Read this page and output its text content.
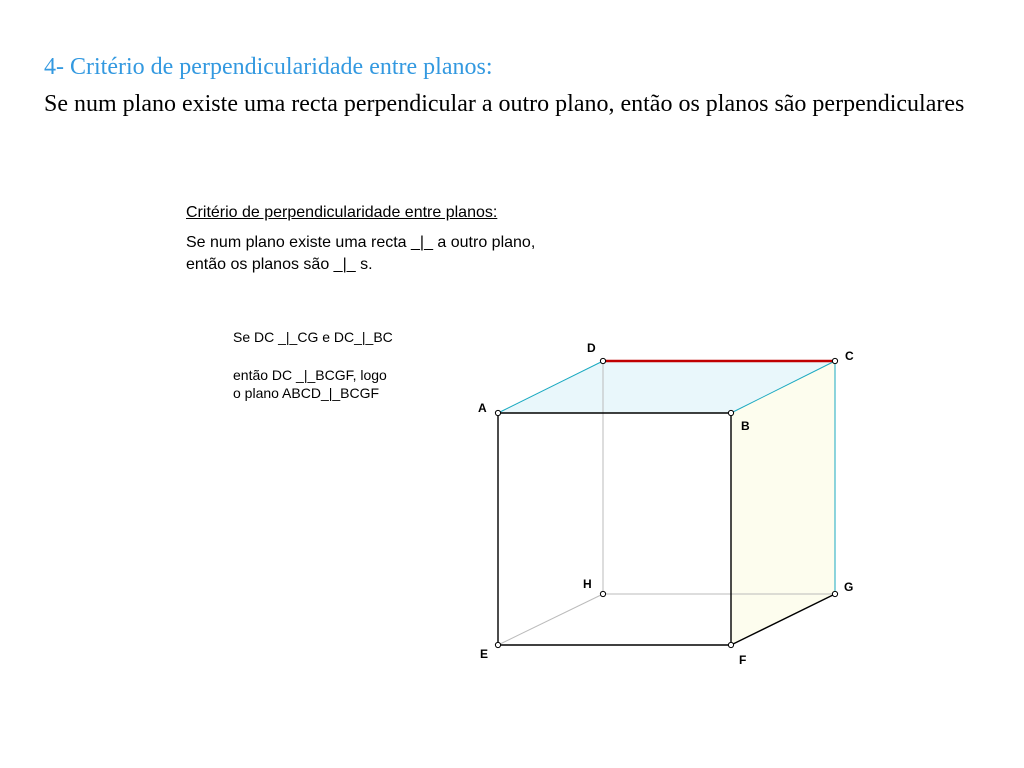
4- Critério de perpendicularidade entre planos:
Se num plano existe uma recta perpendicular a outro plano, então os planos são perpendiculares
Critério de perpendicularidade entre planos:
Se num plano existe uma recta _|_ a outro plano,
então os planos são _|_ s.
Se DC _|_CG e DC_|_BC
então DC _|_BCGF, logo
o plano ABCD_|_BCGF
A
B
C
D
E	F
G
H
